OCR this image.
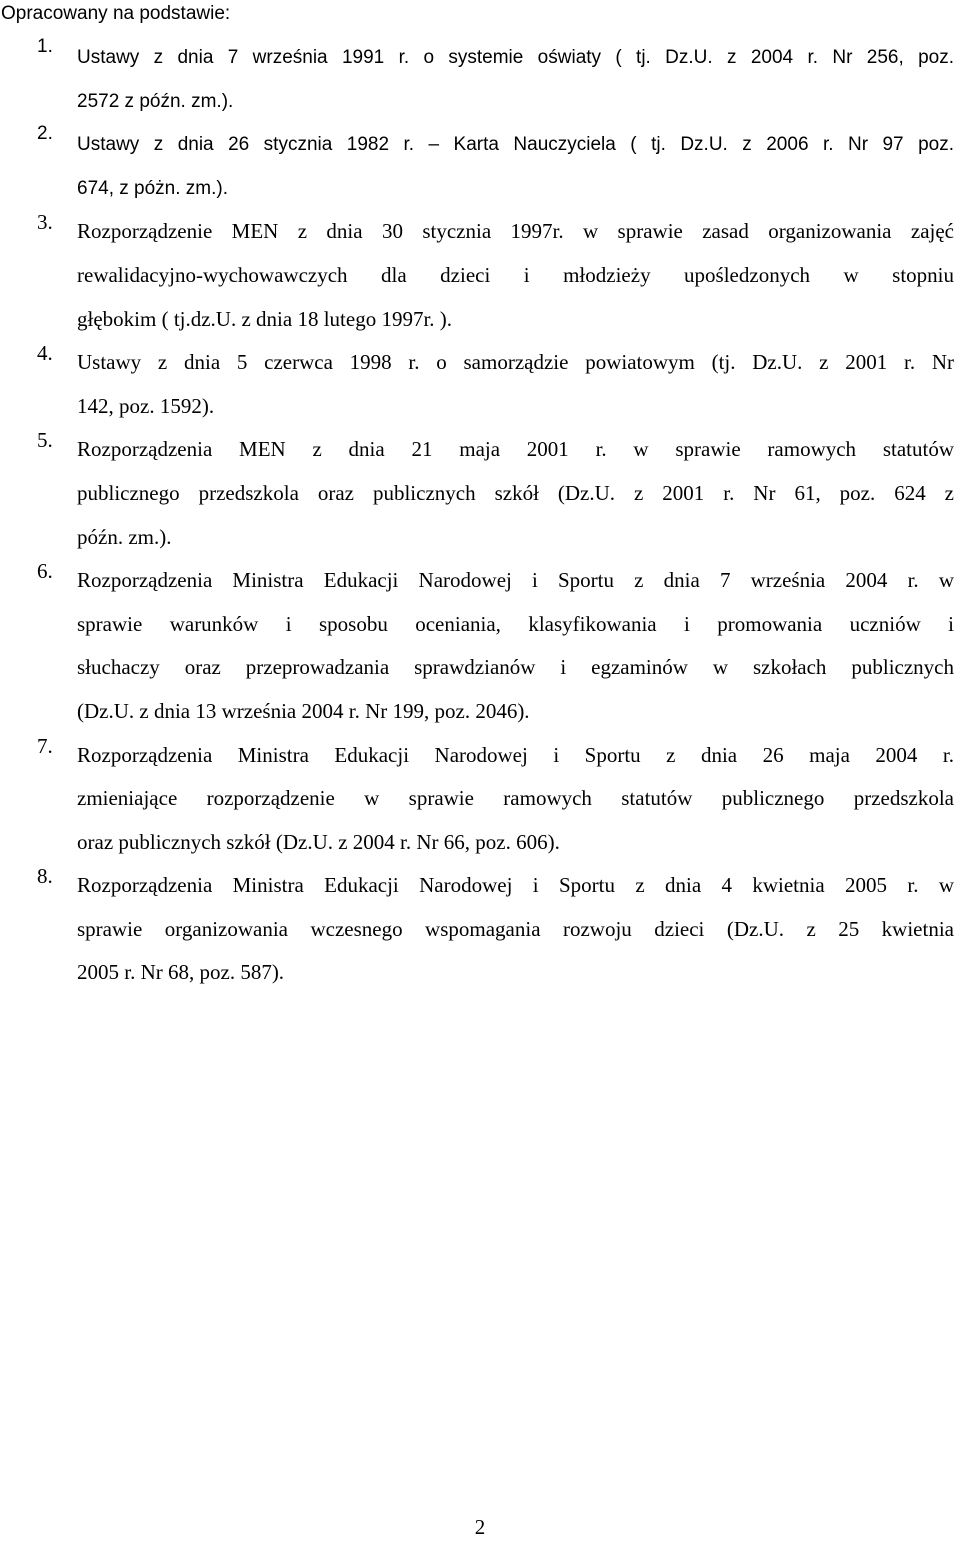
Opracowany na podstawie:
1.
Ustawy z dnia 7 września 1991 r. o systemie oświaty ( tj. Dz.U. z 2004 r. Nr 256, poz.
2572 z późn. zm.).
2.
Ustawy z dnia 26 stycznia 1982 r. – Karta Nauczyciela ( tj. Dz.U. z 2006 r. Nr 97 poz.
674, z póżn. zm.).
3. Rozporządzenie MEN z dnia 30 stycznia 1997r. w sprawie zasad organizowania zajęć
rewalidacyjno-wychowawczych dla dzieci i młodzieży upośledzonych w stopniu
głębokim ( tj.dz.U. z dnia 18 lutego 1997r. ).
4. Ustawy z dnia 5 czerwca 1998 r. o samorządzie powiatowym (tj. Dz.U. z 2001 r. Nr
142, poz. 1592).
5. Rozporządzenia MEN z dnia 21 maja 2001 r. w sprawie ramowych statutów
publicznego przedszkola oraz publicznych szkół (Dz.U. z 2001 r. Nr 61, poz. 624 z
późn. zm.).
6. Rozporządzenia Ministra Edukacji Narodowej i Sportu z dnia 7 września 2004 r. w
sprawie warunków i sposobu oceniania, klasyfikowania i promowania uczniów i
słuchaczy oraz przeprowadzania sprawdzianów i egzaminów w szkołach publicznych
(Dz.U. z dnia 13 września 2004 r. Nr 199, poz. 2046).
7. Rozporządzenia Ministra Edukacji Narodowej i Sportu z dnia 26 maja 2004 r.
zmieniające rozporządzenie w sprawie ramowych statutów publicznego przedszkola
oraz publicznych szkół (Dz.U. z 2004 r. Nr 66, poz. 606).
8. Rozporządzenia Ministra Edukacji Narodowej i Sportu z dnia 4 kwietnia 2005 r. w
sprawie organizowania wczesnego wspomagania rozwoju dzieci (Dz.U. z 25 kwietnia
2005 r. Nr 68, poz. 587).
2
